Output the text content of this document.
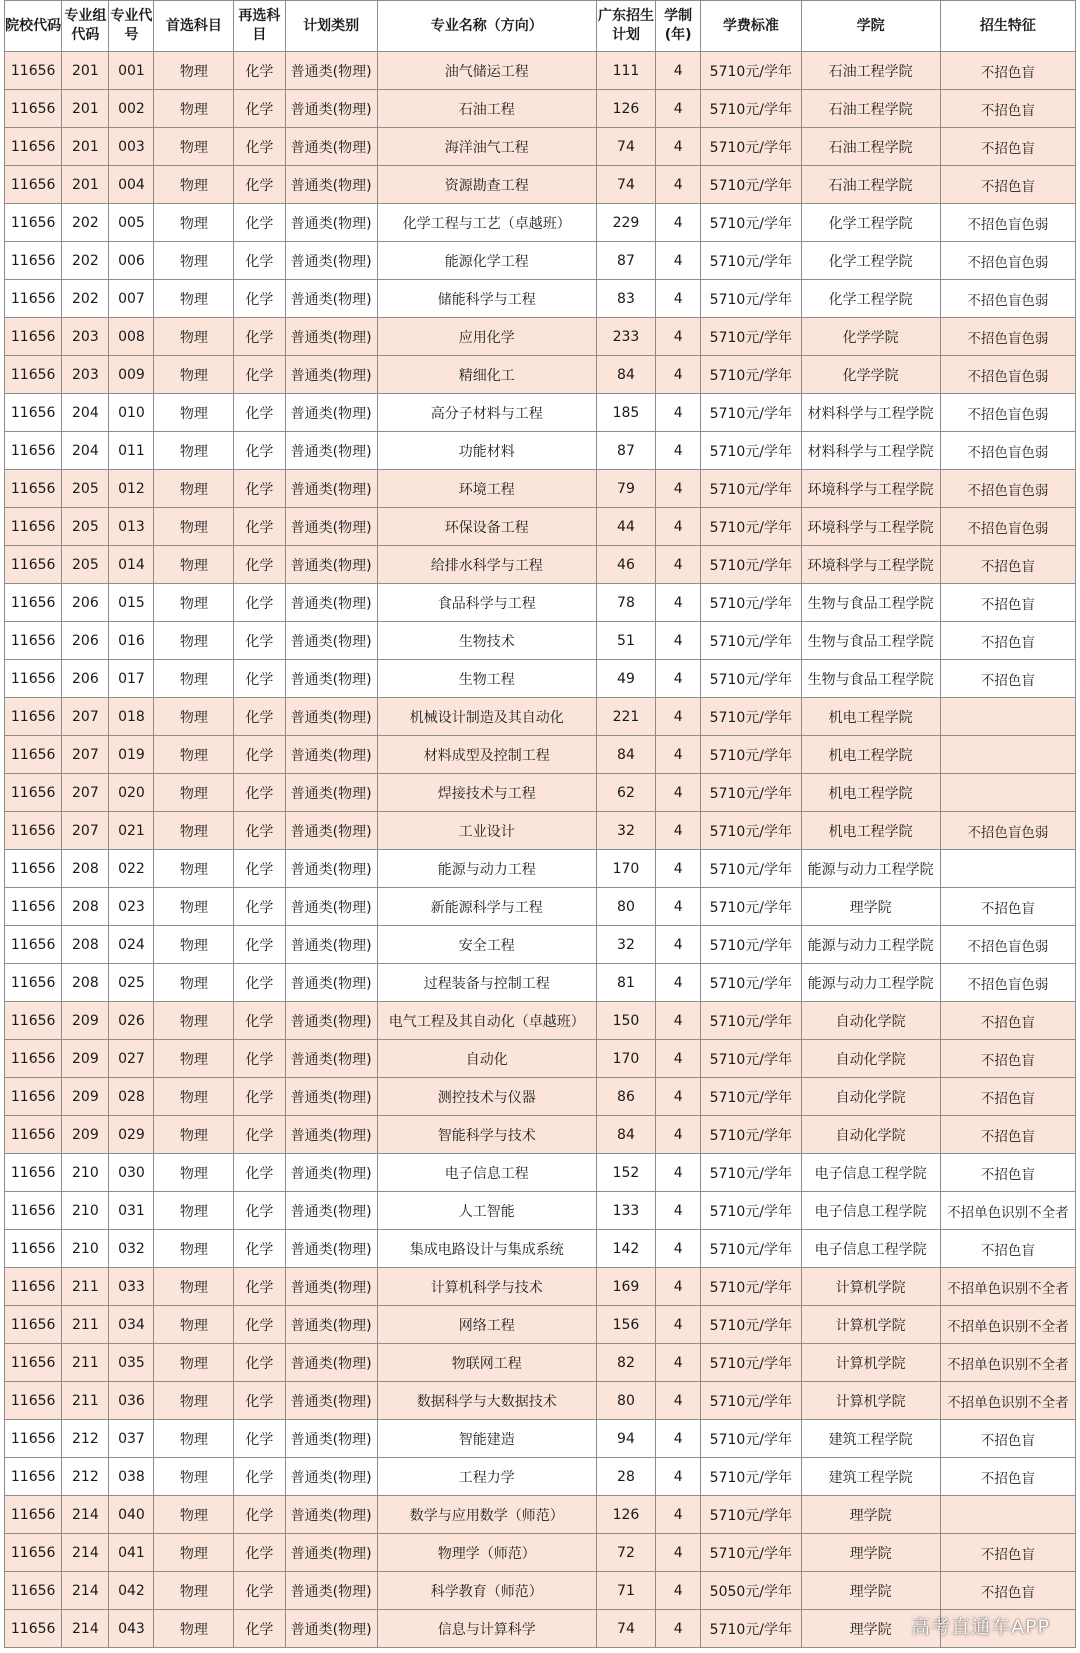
院校代码	专业组代码	专业代号	首选科目	再选科目	计划类别	专业名称（方向）	广东招生计划	学制(年)	学费标准	学院	招生特征
11656	201	001	物理	化学	普通类(物理)	油气储运工程	111	4	5710元/学年	石油工程学院	不招色盲
11656	201	002	物理	化学	普通类(物理)	石油工程	126	4	5710元/学年	石油工程学院	不招色盲
11656	201	003	物理	化学	普通类(物理)	海洋油气工程	74	4	5710元/学年	石油工程学院	不招色盲
11656	201	004	物理	化学	普通类(物理)	资源勘查工程	74	4	5710元/学年	石油工程学院	不招色盲
11656	202	005	物理	化学	普通类(物理)	化学工程与工艺（卓越班）	229	4	5710元/学年	化学工程学院	不招色盲色弱
11656	202	006	物理	化学	普通类(物理)	能源化学工程	87	4	5710元/学年	化学工程学院	不招色盲色弱
11656	202	007	物理	化学	普通类(物理)	储能科学与工程	83	4	5710元/学年	化学工程学院	不招色盲色弱
11656	203	008	物理	化学	普通类(物理)	应用化学	233	4	5710元/学年	化学学院	不招色盲色弱
11656	203	009	物理	化学	普通类(物理)	精细化工	84	4	5710元/学年	化学学院	不招色盲色弱
11656	204	010	物理	化学	普通类(物理)	高分子材料与工程	185	4	5710元/学年	材料科学与工程学院	不招色盲色弱
11656	204	011	物理	化学	普通类(物理)	功能材料	87	4	5710元/学年	材料科学与工程学院	不招色盲色弱
11656	205	012	物理	化学	普通类(物理)	环境工程	79	4	5710元/学年	环境科学与工程学院	不招色盲色弱
11656	205	013	物理	化学	普通类(物理)	环保设备工程	44	4	5710元/学年	环境科学与工程学院	不招色盲色弱
11656	205	014	物理	化学	普通类(物理)	给排水科学与工程	46	4	5710元/学年	环境科学与工程学院	不招色盲
11656	206	015	物理	化学	普通类(物理)	食品科学与工程	78	4	5710元/学年	生物与食品工程学院	不招色盲
11656	206	016	物理	化学	普通类(物理)	生物技术	51	4	5710元/学年	生物与食品工程学院	不招色盲
11656	206	017	物理	化学	普通类(物理)	生物工程	49	4	5710元/学年	生物与食品工程学院	不招色盲
11656	207	018	物理	化学	普通类(物理)	机械设计制造及其自动化	221	4	5710元/学年	机电工程学院	
11656	207	019	物理	化学	普通类(物理)	材料成型及控制工程	84	4	5710元/学年	机电工程学院	
11656	207	020	物理	化学	普通类(物理)	焊接技术与工程	62	4	5710元/学年	机电工程学院	
11656	207	021	物理	化学	普通类(物理)	工业设计	32	4	5710元/学年	机电工程学院	不招色盲色弱
11656	208	022	物理	化学	普通类(物理)	能源与动力工程	170	4	5710元/学年	能源与动力工程学院	
11656	208	023	物理	化学	普通类(物理)	新能源科学与工程	80	4	5710元/学年	理学院	不招色盲
11656	208	024	物理	化学	普通类(物理)	安全工程	32	4	5710元/学年	能源与动力工程学院	不招色盲色弱
11656	208	025	物理	化学	普通类(物理)	过程装备与控制工程	81	4	5710元/学年	能源与动力工程学院	不招色盲色弱
11656	209	026	物理	化学	普通类(物理)	电气工程及其自动化（卓越班）	150	4	5710元/学年	自动化学院	不招色盲
11656	209	027	物理	化学	普通类(物理)	自动化	170	4	5710元/学年	自动化学院	不招色盲
11656	209	028	物理	化学	普通类(物理)	测控技术与仪器	86	4	5710元/学年	自动化学院	不招色盲
11656	209	029	物理	化学	普通类(物理)	智能科学与技术	84	4	5710元/学年	自动化学院	不招色盲
11656	210	030	物理	化学	普通类(物理)	电子信息工程	152	4	5710元/学年	电子信息工程学院	不招色盲
11656	210	031	物理	化学	普通类(物理)	人工智能	133	4	5710元/学年	电子信息工程学院	不招单色识别不全者
11656	210	032	物理	化学	普通类(物理)	集成电路设计与集成系统	142	4	5710元/学年	电子信息工程学院	不招色盲
11656	211	033	物理	化学	普通类(物理)	计算机科学与技术	169	4	5710元/学年	计算机学院	不招单色识别不全者
11656	211	034	物理	化学	普通类(物理)	网络工程	156	4	5710元/学年	计算机学院	不招单色识别不全者
11656	211	035	物理	化学	普通类(物理)	物联网工程	82	4	5710元/学年	计算机学院	不招单色识别不全者
11656	211	036	物理	化学	普通类(物理)	数据科学与大数据技术	80	4	5710元/学年	计算机学院	不招单色识别不全者
11656	212	037	物理	化学	普通类(物理)	智能建造	94	4	5710元/学年	建筑工程学院	不招色盲
11656	212	038	物理	化学	普通类(物理)	工程力学	28	4	5710元/学年	建筑工程学院	不招色盲
11656	214	040	物理	化学	普通类(物理)	数学与应用数学（师范）	126	4	5710元/学年	理学院	
11656	214	041	物理	化学	普通类(物理)	物理学（师范）	72	4	5710元/学年	理学院	不招色盲
11656	214	042	物理	化学	普通类(物理)	科学教育（师范）	71	4	5050元/学年	理学院	不招色盲
11656	214	043	物理	化学	普通类(物理)	信息与计算科学	74	4	5710元/学年	理学院	高考直通车APP
